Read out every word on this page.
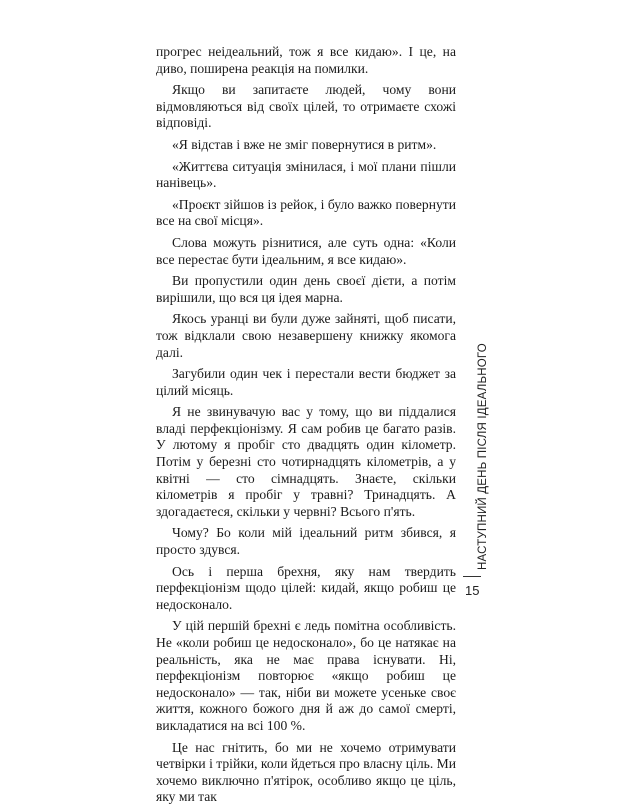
прогрес неідеальний, тож я все кидаю». І це, на диво, поширена реакція на помилки.

Якщо ви запитаєте людей, чому вони відмовляються від своїх цілей, то отримаєте схожі відповіді.

«Я відстав і вже не зміг повернутися в ритм».

«Життєва ситуація змінилася, і мої плани пішли нанівець».

«Проєкт зійшов із рейок, і було важко повернути все на свої місця».

Слова можуть різнитися, але суть одна: «Коли все перестає бути ідеальним, я все кидаю».

Ви пропустили один день своєї дієти, а потім вирішили, що вся ця ідея марна.

Якось уранці ви були дуже зайняті, щоб писати, тож відклали свою незавершену книжку якомога далі.

Загубили один чек і перестали вести бюджет за цілий місяць.

Я не звинувачую вас у тому, що ви піддалися владі перфекціонізму. Я сам робив це багато разів. У лютому я пробіг сто двадцять один кілометр. Потім у березні сто чотирнадцять кілометрів, а у квітні — сто сімнадцять. Знаєте, скільки кілометрів я пробіг у травні? Тринадцять. А здогадаєтеся, скільки у червні? Всього п'ять.

Чому? Бо коли мій ідеальний ритм збився, я просто здувся.

Ось і перша брехня, яку нам твердить перфекціонізм щодо цілей: кидай, якщо робиш це недосконало.

У цій першій брехні є ледь помітна особливість. Не «коли робиш це недосконало», бо це натякає на реальність, яка не має права існувати. Ні, перфекціонізм повторює «якщо робиш це недосконало» — так, ніби ви можете усеньке своє життя, кожного божого дня й аж до самої смерті, викладатися на всі 100 %.

Це нас гнітить, бо ми не хочемо отримувати четвірки і трійки, коли йдеться про власну ціль. Ми хочемо виключно п'ятірок, особливо якщо це ціль, яку ми так

НАСТУПНИЙ ДЕНЬ ПІСЛЯ ІДЕАЛЬНОГО
15
